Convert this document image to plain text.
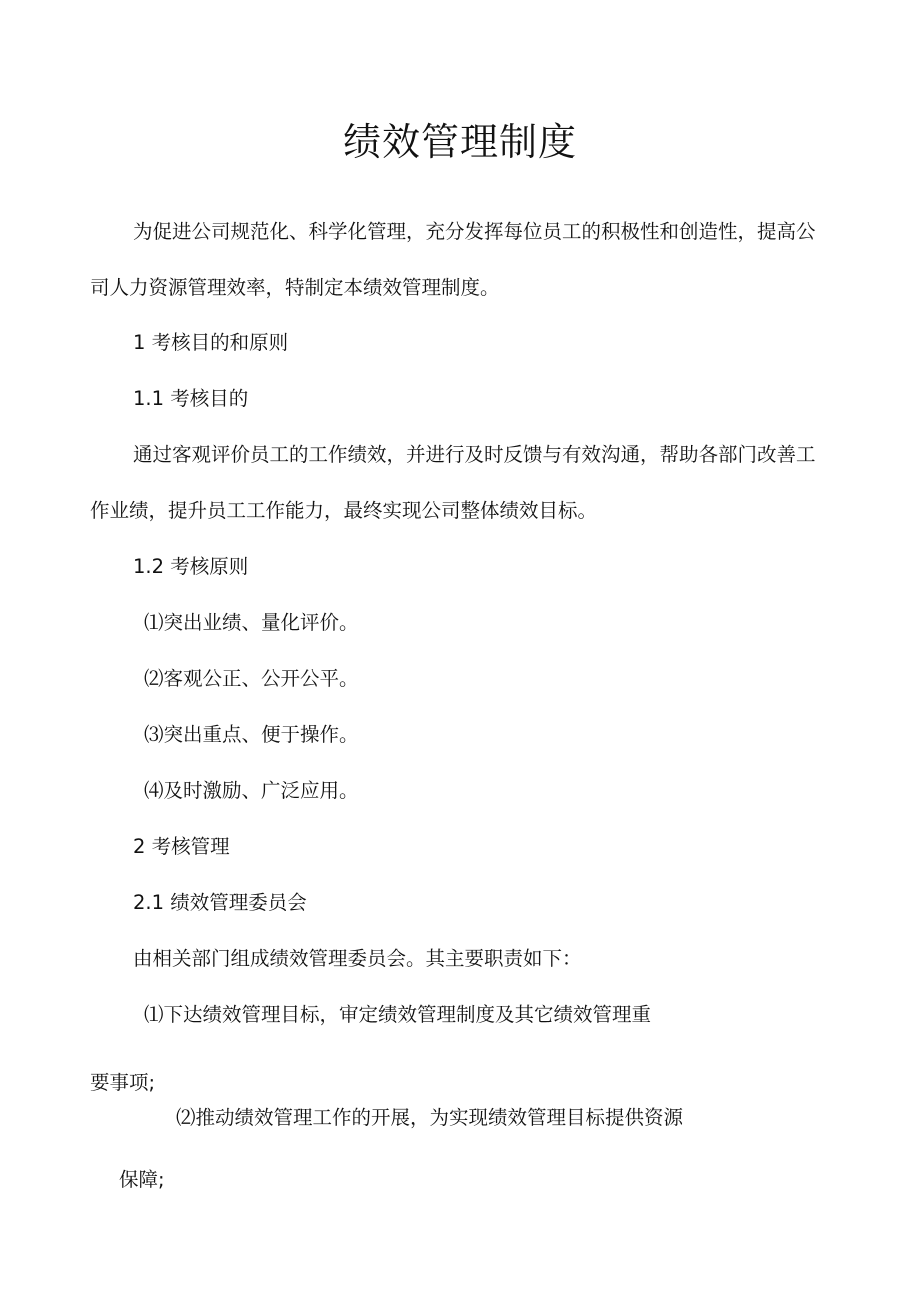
绩效管理制度
为促进公司规范化、科学化管理，充分发挥每位员工的积极性和创造性，提高公
司人力资源管理效率，特制定本绩效管理制度。
1 考核目的和原则
1.1 考核目的
通过客观评价员工的工作绩效，并进行及时反馈与有效沟通，帮助各部门改善工
作业绩，提升员工工作能力，最终实现公司整体绩效目标。
1.2 考核原则
⑴突出业绩、量化评价。
⑵客观公正、公开公平。
⑶突出重点、便于操作。
⑷及时激励、广泛应用。
2 考核管理
2.1 绩效管理委员会
由相关部门组成绩效管理委员会。其主要职责如下：
⑴下达绩效管理目标，审定绩效管理制度及其它绩效管理重
要事项;
⑵推动绩效管理工作的开展，为实现绩效管理目标提供资源
保障;
